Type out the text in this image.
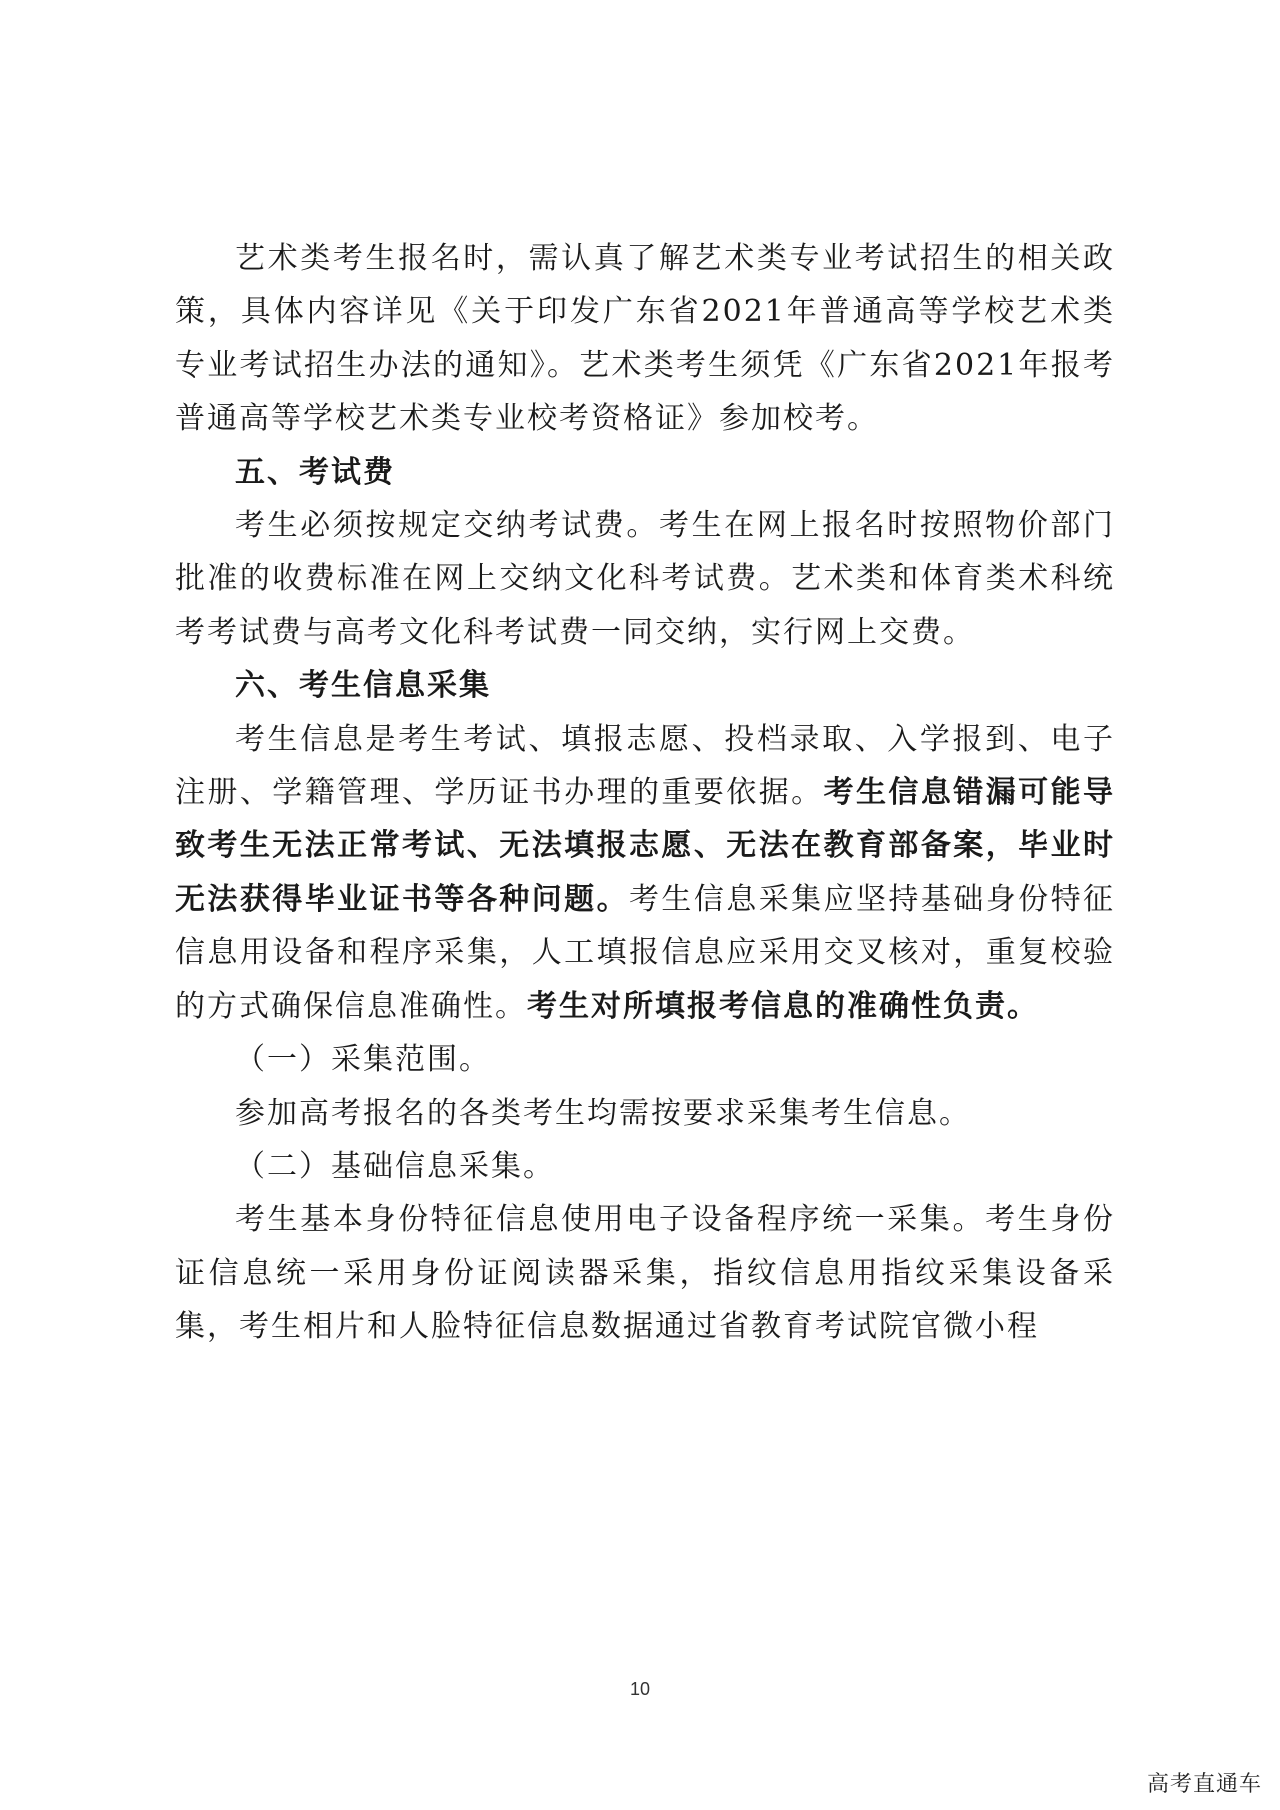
艺术类考生报名时，需认真了解艺术类专业考试招生的相关政策，具体内容详见《关于印发广东省2021年普通高等学校艺术类专业考试招生办法的通知》。艺术类考生须凭《广东省2021年报考普通高等学校艺术类专业校考资格证》参加校考。

五、考试费

考生必须按规定交纳考试费。考生在网上报名时按照物价部门批准的收费标准在网上交纳文化科考试费。艺术类和体育类术科统考考试费与高考文化科考试费一同交纳，实行网上交费。

六、考生信息采集

考生信息是考生考试、填报志愿、投档录取、入学报到、电子注册、学籍管理、学历证书办理的重要依据。考生信息错漏可能导致考生无法正常考试、无法填报志愿、无法在教育部备案，毕业时无法获得毕业证书等各种问题。考生信息采集应坚持基础身份特征信息用设备和程序采集，人工填报信息应采用交叉核对，重复校验的方式确保信息准确性。考生对所填报考信息的准确性负责。

（一）采集范围。

参加高考报名的各类考生均需按要求采集考生信息。

（二）基础信息采集。

考生基本身份特征信息使用电子设备程序统一采集。考生身份证信息统一采用身份证阅读器采集，指纹信息用指纹采集设备采集，考生相片和人脸特征信息数据通过省教育考试院官微小程

10
高考直通车
